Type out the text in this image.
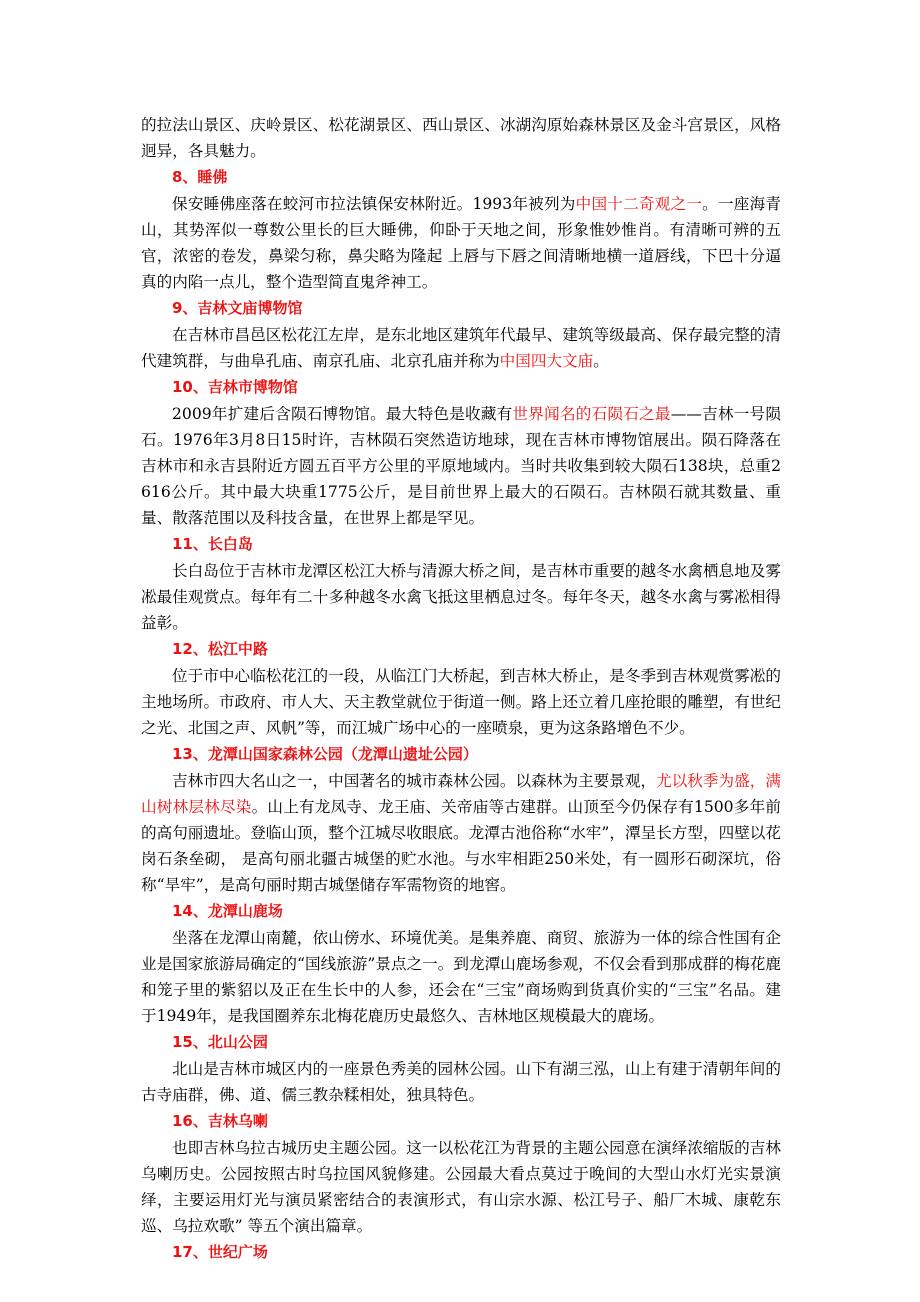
的拉法山景区、庆岭景区、松花湖景区、西山景区、冰湖沟原始森林景区及金斗宫景区，风格迥异，各具魅力。

8、睡佛

保安睡佛座落在蛟河市拉法镇保安林附近。1993年被列为中国十二奇观之一。一座海青山，其势浑似一尊数公里长的巨大睡佛，仰卧于天地之间，形象惟妙惟肖。有清晰可辨的五官，浓密的卷发，鼻梁匀称，鼻尖略为隆起 上唇与下唇之间清晰地横一道唇线，下巴十分逼真的内陷一点儿，整个造型简直鬼斧神工。

9、吉林文庙博物馆

在吉林市昌邑区松花江左岸，是东北地区建筑年代最早、建筑等级最高、保存最完整的清代建筑群，与曲阜孔庙、南京孔庙、北京孔庙并称为中国四大文庙。

10、吉林市博物馆

2009年扩建后含陨石博物馆。最大特色是收藏有世界闻名的石陨石之最——吉林一号陨石。1976年3月8日15时许，吉林陨石突然造访地球，现在吉林市博物馆展出。陨石降落在吉林市和永吉县附近方圆五百平方公里的平原地域内。当时共收集到较大陨石138块，总重2616公斤。其中最大块重1775公斤，是目前世界上最大的石陨石。吉林陨石就其数量、重量、散落范围以及科技含量，在世界上都是罕见。

11、长白岛

长白岛位于吉林市龙潭区松江大桥与清源大桥之间，是吉林市重要的越冬水禽栖息地及雾凇最佳观赏点。每年有二十多种越冬水禽飞抵这里栖息过冬。每年冬天，越冬水禽与雾凇相得益彰。

12、松江中路

位于市中心临松花江的一段，从临江门大桥起，到吉林大桥止，是冬季到吉林观赏雾凇的主地场所。市政府、市人大、天主教堂就位于街道一侧。路上还立着几座抢眼的雕塑，有世纪之光、北国之声、风帆”等，而江城广场中心的一座喷泉，更为这条路增色不少。

13、龙潭山国家森林公园（龙潭山遗址公园）

吉林市四大名山之一，中国著名的城市森林公园。以森林为主要景观，尤以秋季为盛，满山树林层林尽染。山上有龙凤寺、龙王庙、关帝庙等古建群。山顶至今仍保存有1500多年前的高句丽遗址。登临山顶，整个江城尽收眼底。龙潭古池俗称“水牢”，潭呈长方型，四壁以花岗石条垒砌， 是高句丽北疆古城堡的贮水池。与水牢相距250米处，有一圆形石砌深坑，俗称“旱牢”，是高句丽时期古城堡储存军需物资的地窖。

14、龙潭山鹿场

坐落在龙潭山南麓，依山傍水、环境优美。是集养鹿、商贸、旅游为一体的综合性国有企业是国家旅游局确定的“国线旅游”景点之一。到龙潭山鹿场参观，不仅会看到那成群的梅花鹿和笼子里的紫貂以及正在生长中的人参，还会在“三宝”商场购到货真价实的“三宝”名品。建于1949年，是我国圈养东北梅花鹿历史最悠久、吉林地区规模最大的鹿场。

15、北山公园

北山是吉林市城区内的一座景色秀美的园林公园。山下有湖三泓，山上有建于清朝年间的古寺庙群，佛、道、儒三教杂糅相处，独具特色。

16、吉林乌喇

也即吉林乌拉古城历史主题公园。这一以松花江为背景的主题公园意在演绎浓缩版的吉林乌喇历史。公园按照古时乌拉国风貌修建。公园最大看点莫过于晚间的大型山水灯光实景演绎，主要运用灯光与演员紧密结合的表演形式，有山宗水源、松江号子、船厂木城、康乾东巡、乌拉欢歌” 等五个演出篇章。

17、世纪广场
